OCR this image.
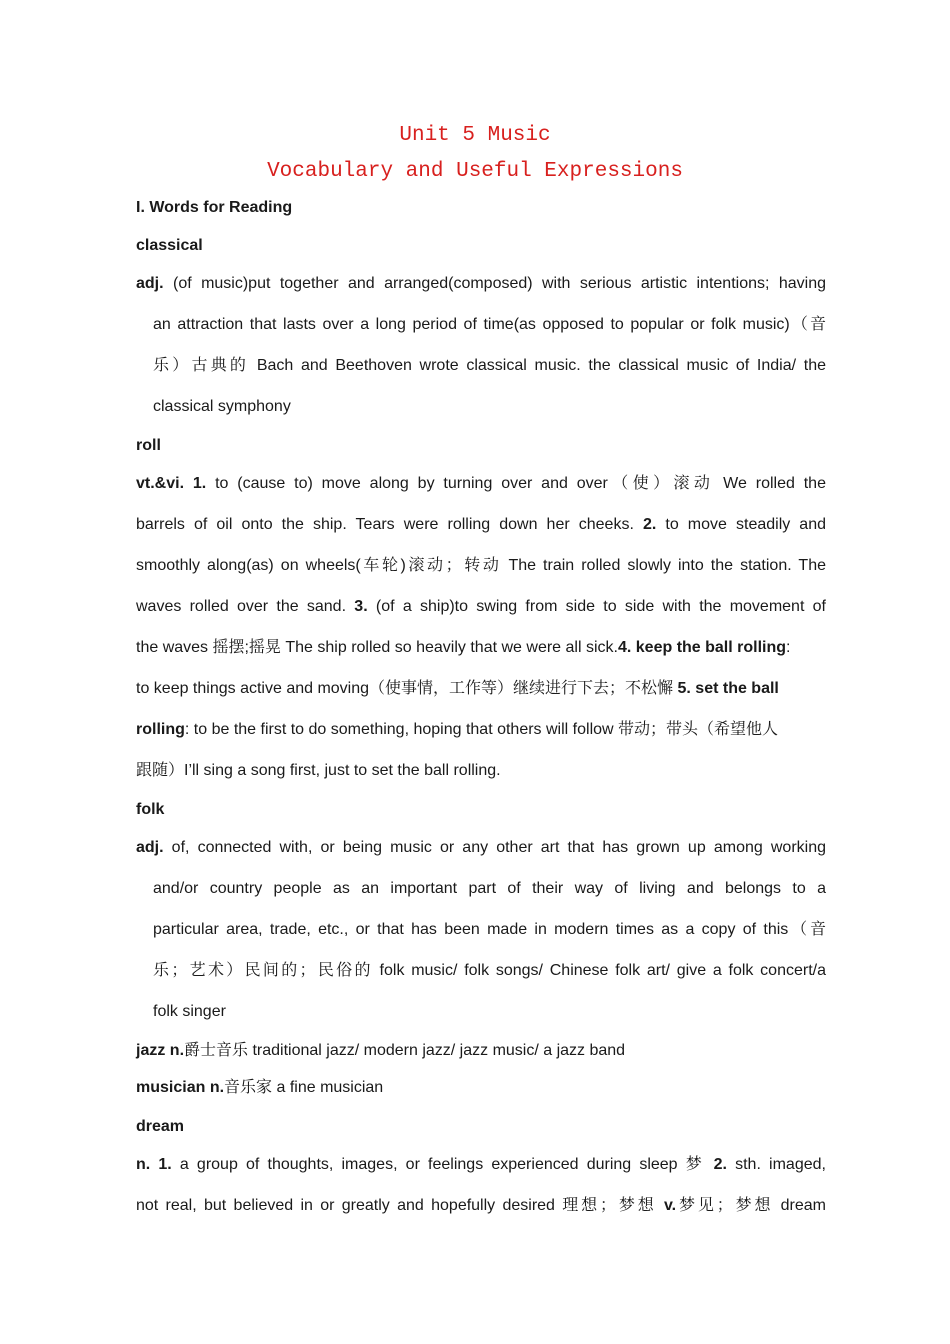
Unit 5 Music
Vocabulary and Useful Expressions
I. Words for Reading
classical
adj. (of music)put together and arranged(composed) with serious artistic intentions; having
an attraction that lasts over a long period of time(as opposed to popular or folk music)（音
乐）古典的 Bach and Beethoven wrote classical music. the classical music of India/ the
classical symphony
roll
vt.&vi. 1. to (cause to) move along by turning over and over（使）滚动 We rolled the
barrels of oil onto the ship. Tears were rolling down her cheeks. 2. to move steadily and
smoothly along(as) on wheels(车轮)滚动；转动 The train rolled slowly into the station. The
waves rolled over the sand. 3. (of a ship)to swing from side to side with the movement of
the waves 摇摆;摇晃 The ship rolled so heavily that we were all sick.4. keep the ball rolling:
to keep things active and moving（使事情，工作等）继续进行下去；不松懈 5. set the ball
rolling: to be the first to do something, hoping that others will follow 带动；带头（希望他人
跟随）I’ll sing a song first, just to set the ball rolling.
folk
adj. of, connected with, or being music or any other art that has grown up among working
and/or country people as an important part of their way of living and belongs to a
particular area, trade, etc., or that has been made in modern times as a copy of this（音
乐；艺术）民间的；民俗的 folk music/ folk songs/ Chinese folk art/ give a folk concert/a
folk singer
jazz n.爵士音乐 traditional jazz/ modern jazz/ jazz music/ a jazz band
musician n.音乐家 a fine musician
dream
n. 1. a group of thoughts, images, or feelings experienced during sleep 梦 2. sth. imaged,
not real, but believed in or greatly and hopefully desired 理想；梦想 v.梦见；梦想 dream
